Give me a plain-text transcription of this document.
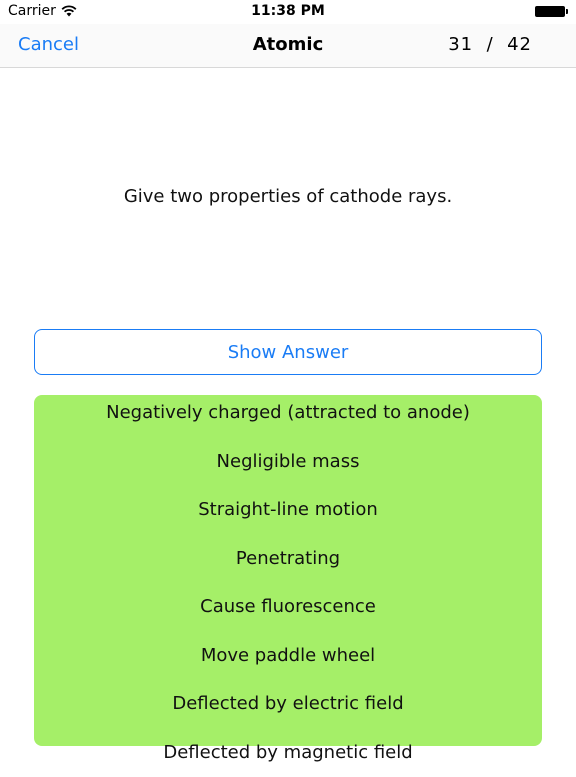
Carrier	11:38 PM
Cancel	Atomic	31  /  42
Give two properties of cathode rays.
Show Answer
Negatively charged (attracted to anode)
Negligible mass
Straight-line motion
Penetrating
Cause fluorescence
Move paddle wheel
Deflected by electric field
Deflected by magnetic field
